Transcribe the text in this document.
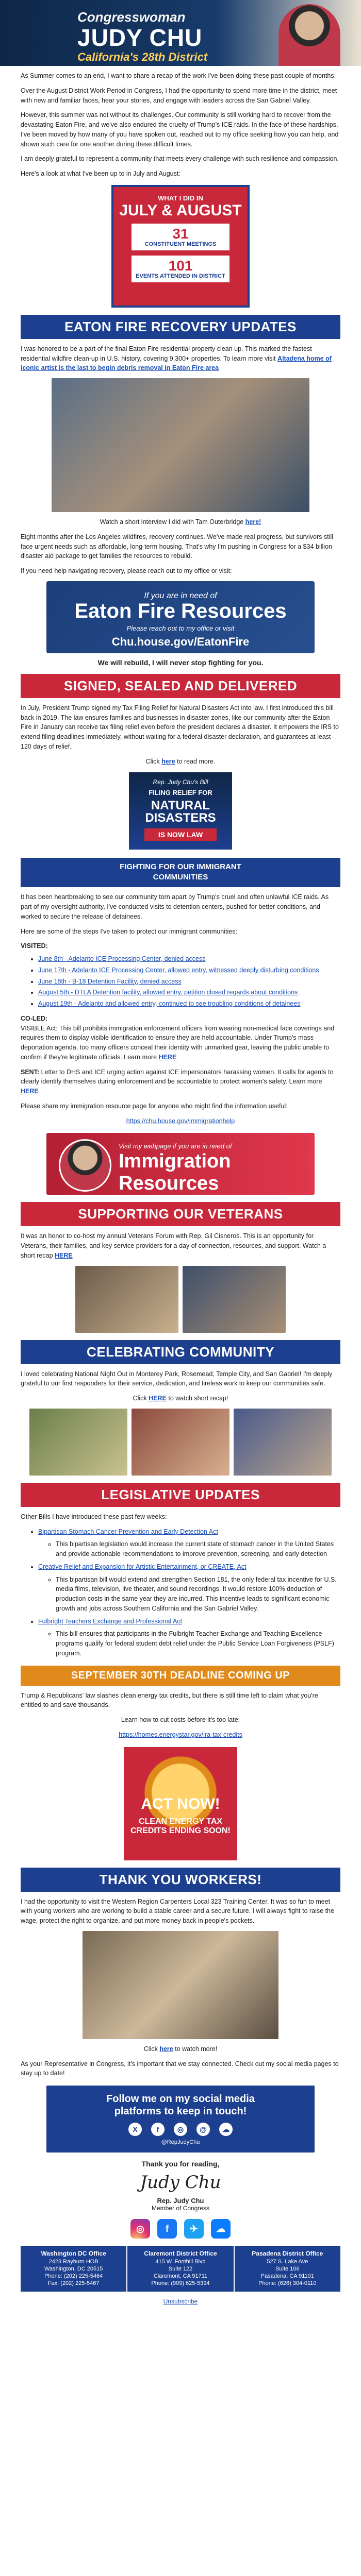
Congresswoman
JUDY CHU
California's 28th District

As Summer comes to an end, I want to share a recap of the work I've been doing these past couple of months.

Over the August District Work Period in Congress, I had the opportunity to spend more time in the district, meet with new and familiar faces, hear your stories, and engage with leaders across the San Gabriel Valley.

However, this summer was not without its challenges. Our community is still working hard to recover from the devastating Eaton Fire, and we've also endured the cruelty of Trump's ICE raids. In the face of these hardships, I've been moved by how many of you have spoken out, reached out to my office seeking how you can help, and shown such care for one another during these difficult times.

I am deeply grateful to represent a community that meets every challenge with such resilience and compassion.

Here's a look at what I've been up to in July and August:

WHAT I DID IN
JULY & AUGUST
31
CONSTITUENT MEETINGS
101
EVENTS ATTENDED IN DISTRICT
EATON FIRE RECOVERY UPDATES

I was honored to be a part of the final Eaton Fire residential property clean up. This marked the fastest residential wildfire clean-up in U.S. history, covering 9,300+ properties. To learn more visit Altadena home of iconic artist is the last to begin debris removal in Eaton Fire area

Watch a short interview I did with Tam Outerbridge here!

Eight months after the Los Angeles wildfires, recovery continues. We've made real progress, but survivors still face urgent needs such as affordable, long-term housing. That's why I'm pushing in Congress for a $34 billion disaster aid package to get families the resources to rebuild.

If you need help navigating recovery, please reach out to my office or visit:

If you are in need of
Eaton Fire Resources
Please reach out to my office or visit
Chu.house.gov/EatonFire
We will rebuild, I will never stop fighting for you.
SIGNED, SEALED AND DELIVERED

In July, President Trump signed my Tax Filing Relief for Natural Disasters Act into law. I first introduced this bill back in 2019. The law ensures families and businesses in disaster zones, like our community after the Eaton Fire in January can receive tax filing relief even before the president declares a disaster. It empowers the IRS to extend filing deadlines immediately, without waiting for a federal disaster declaration, and guarantees at least 120 days of relief.

Click here to read more.

Rep. Judy Chu's Bill
FILING RELIEF FOR
NATURAL DISASTERS
IS NOW LAW
FIGHTING FOR OUR IMMIGRANT
COMMUNITIES

It has been heartbreaking to see our community torn apart by Trump's cruel and often unlawful ICE raids. As part of my oversight authority, I've conducted visits to detention centers, pushed for better conditions, and worked to secure the release of detainees.

Here are some of the steps I've taken to protect our immigrant communities:

VISITED:
• June 8th - Adelanto ICE Processing Center, denied access
• June 17th - Adelanto ICE Processing Center, allowed entry, witnessed deeply disturbing conditions
• June 18th - B-18 Detention Facility, denied access
• August 5th - DTLA Detention facility, allowed entry, petition closed regards about conditions
• August 19th - Adelanto and allowed entry, continued to see troubling conditions of detainees

CO-LED:
VISIBLE Act: This bill prohibits immigration enforcement officers from wearing non-medical face coverings and requires them to display visible identification to ensure they are held accountable. Under Trump's mass deportation agenda, too many officers conceal their identity with unmarked gear, leaving the public unable to confirm if they're legitimate officials. Learn more HERE

SENT: Letter to DHS and ICE urging action against ICE impersonators harassing women. It calls for agents to clearly identify themselves during enforcement and be accountable to protect women's safety. Learn more HERE

Please share my immigration resource page for anyone who might find the information useful:

https://chu.house.gov/immigrationhelp

Visit my webpage if you are in need of
Immigration
Resources
SUPPORTING OUR VETERANS

It was an honor to co-host my annual Veterans Forum with Rep. Gil Cisneros. This is an opportunity for Veterans, their families, and key service providers for a day of connection, resources, and support. Watch a short recap HERE

CELEBRATING COMMUNITY

I loved celebrating National Night Out in Monterey Park, Rosemead, Temple City, and San Gabriel! I'm deeply grateful to our first responders for their service, dedication, and tireless work to keep our communities safe.

Click HERE to watch short recap!

LEGISLATIVE UPDATES

Other Bills I have introduced these past few weeks:

• Bipartisan Stomach Cancer Prevention and Early Detection Act
◦ This bipartisan legislation would increase the current state of stomach cancer in the United States and provide actionable recommendations to improve prevention, screening, and early detection
• Creative Relief and Expansion for Artistic Entertainment, or CREATE, Act
◦ This bipartisan bill would extend and strengthen Section 181, the only federal tax incentive for U.S. media films, television, live theater, and sound recordings. It would restore 100% deduction of production costs in the same year they are incurred. This incentive leads to significant economic growth and jobs across Southern California and the San Gabriel Valley.
• Fulbright Teachers Exchange and Professional Act
◦ This bill ensures that participants in the Fulbright Teacher Exchange and Teaching Excellence programs qualify for federal student debt relief under the Public Service Loan Forgiveness (PSLF) program.
SEPTEMBER 30TH DEADLINE COMING UP

Trump & Republicans' law slashes clean energy tax credits, but there is still time left to claim what you're entitled to and save thousands.

Learn how to cut costs before it's too late:

https://homes.energystar.gov/ira-tax-credits

ACT NOW!
CLEAN ENERGY TAX CREDITS ENDING SOON!
THANK YOU WORKERS!

I had the opportunity to visit the Western Region Carpenters Local 323 Training Center. It was so fun to meet with young workers who are working to build a stable career and a secure future. I will always fight to raise the wage, protect the right to organize, and put more money back in people's pockets.

Click here to watch more!

As your Representative in Congress, it's important that we stay connected. Check out my social media pages to stay up to date!

Follow me on my social media
platforms to keep in touch!
X	f	◎	@	☁
@RepJudyChu
Thank you for reading,
Judy Chu
Rep. Judy Chu
Member of Congress
◎	f	✈	☁
Washington DC Office
2423 Rayburn HOB
Washington, DC 20515
Phone: (202) 225-5464
Fax: (202) 225-5467
Claremont District Office
415 W. Foothill Blvd
Suite 122
Claremont, CA 91711
Phone: (909) 625-5394
Pasadena District Office
527 S. Lake Ave
Suite 106
Pasadena, CA 91101
Phone: (626) 304-0110
Unsubscribe
